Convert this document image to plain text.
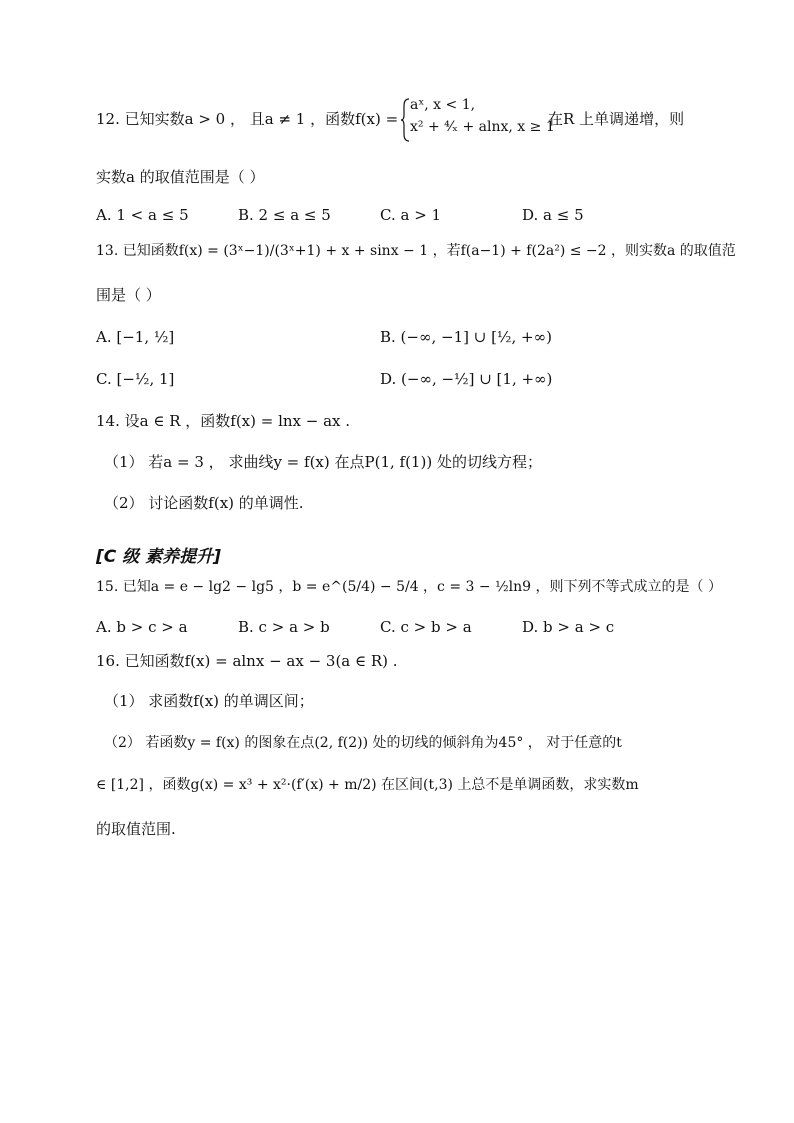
12. 已知实数a > 0 ， 且a ≠ 1 ，函数f(x) =
aˣ, x < 1,
x² + ⁴⁄ₓ + alnx, x ≥ 1
在R 上单调递增，则
实数a 的取值范围是（ ）
A. 1 < a ≤ 5	B. 2 ≤ a ≤ 5	C. a > 1	D. a ≤ 5
13. 已知函数f(x) = (3ˣ−1)/(3ˣ+1) + x + sinx − 1 ，若f(a−1) + f(2a²) ≤ −2 ，则实数a 的取值范
围是（ ）
A. [−1, ½]	B. (−∞, −1] ∪ [½, +∞)
C. [−½, 1]	D. (−∞, −½] ∪ [1, +∞)
14. 设a ∈ R ，函数f(x) = lnx − ax .
（1） 若a = 3 ， 求曲线y = f(x) 在点P(1, f(1)) 处的切线方程；
（2） 讨论函数f(x) 的单调性.
[C 级 素养提升]
15. 已知a = e − lg2 − lg5 ，b = e^(5/4) − 5/4 ，c = 3 − ½ln9 ，则下列不等式成立的是（ ）
A. b > c > a	B. c > a > b	C. c > b > a	D. b > a > c
16. 已知函数f(x) = alnx − ax − 3(a ∈ R) .
（1） 求函数f(x) 的单调区间；
（2） 若函数y = f(x) 的图象在点(2, f(2)) 处的切线的倾斜角为45° ， 对于任意的t
∈ [1,2] ，函数g(x) = x³ + x²·(f′(x) + m/2) 在区间(t,3) 上总不是单调函数，求实数m
的取值范围.
